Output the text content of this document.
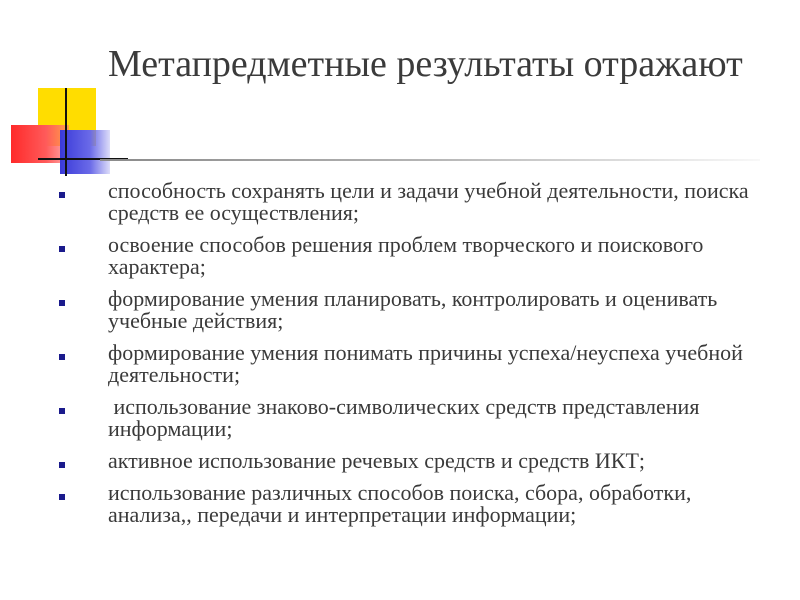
Метапредметные результаты отражают
способность сохранять цели и задачи учебной деятельности, поиска средств ее осуществления;
освоение способов решения проблем творческого и поискового характера;
формирование умения планировать, контролировать и оценивать учебные действия;
формирование умения понимать причины успеха/неуспеха учебной деятельности;
использование знаково-символических средств представления информации;
активное использование речевых средств и средств ИКТ;
использование различных способов поиска, сбора, обработки, анализа,, передачи и интерпретации информации;
